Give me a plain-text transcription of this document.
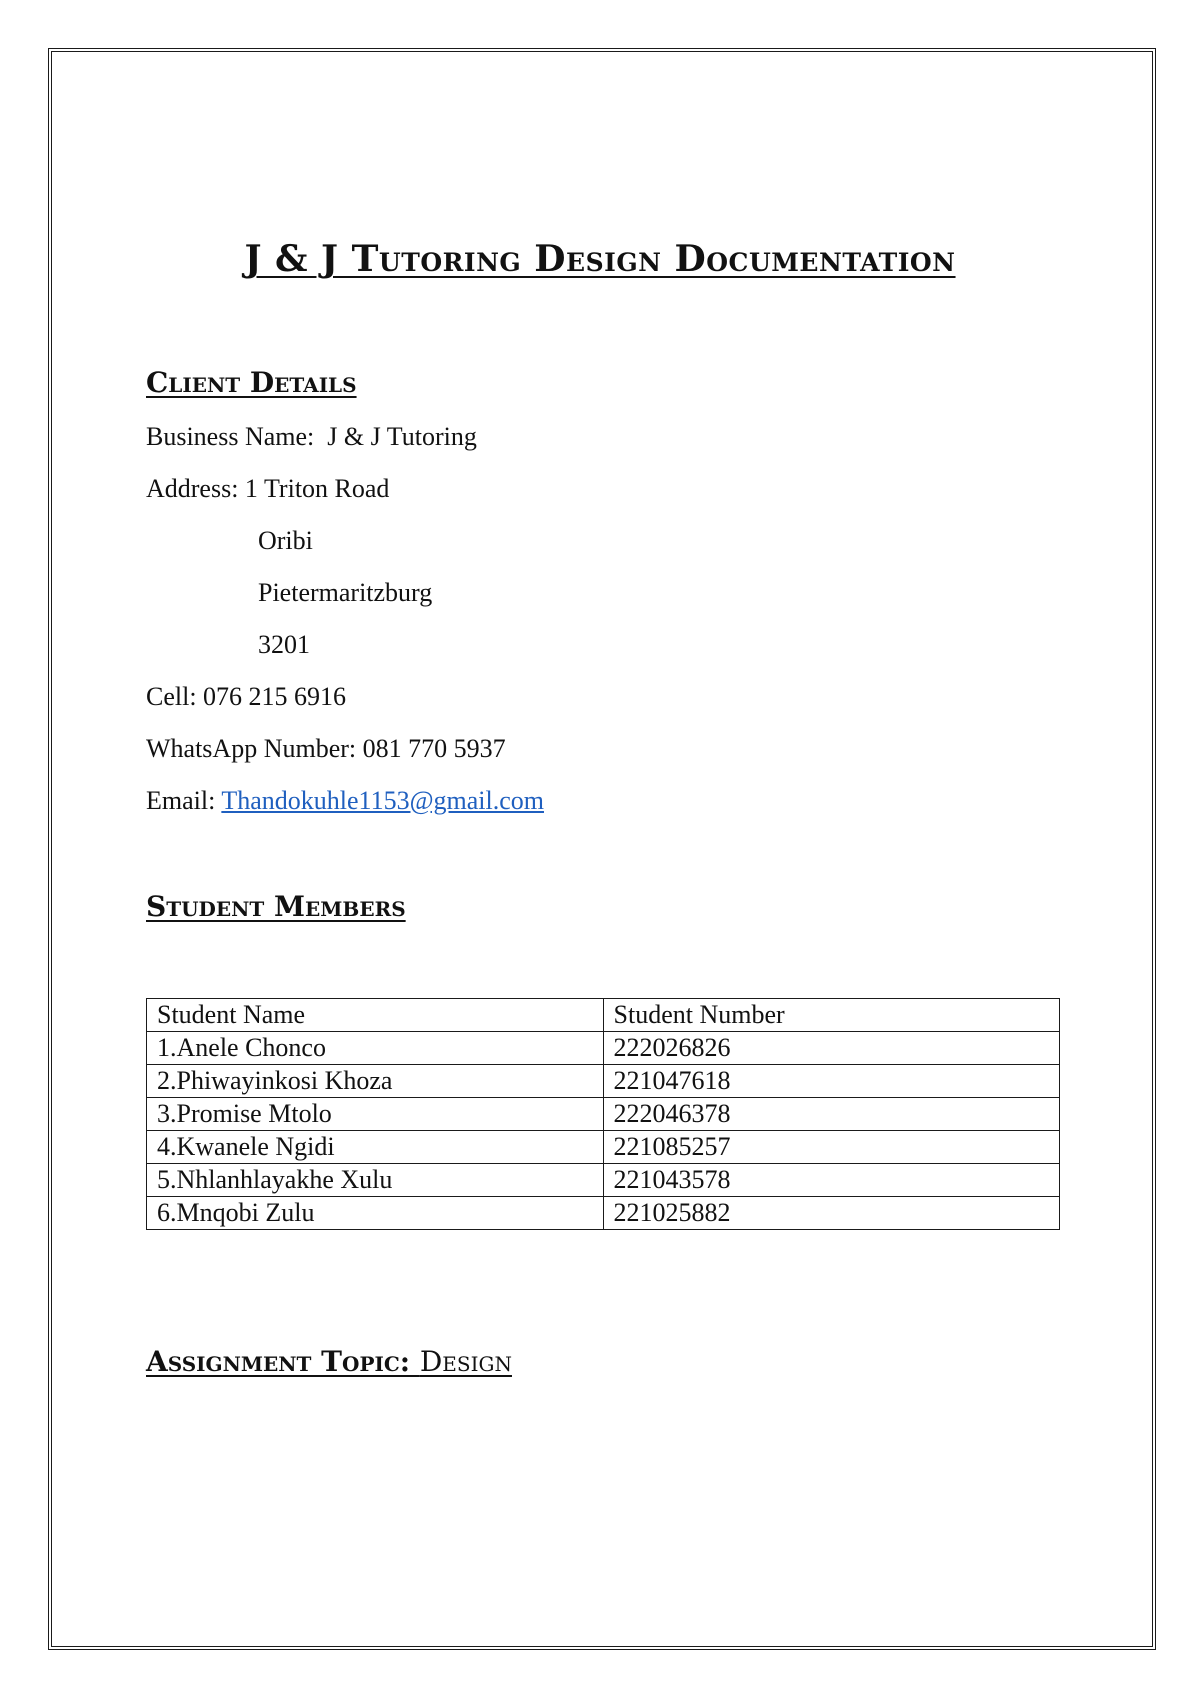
J & J Tutoring Design Documentation
Client Details
Business Name:  J & J Tutoring
Address: 1 Triton Road
Oribi
Pietermaritzburg
3201
Cell: 076 215 6916
WhatsApp Number: 081 770 5937
Email: Thandokuhle1153@gmail.com
Student Members
Student Name	Student Number
1.Anele Chonco	222026826
2.Phiwayinkosi Khoza	221047618
3.Promise Mtolo	222046378
4.Kwanele Ngidi	221085257
5.Nhlanhlayakhe Xulu	221043578
6.Mnqobi Zulu	221025882
Assignment Topic: Design
